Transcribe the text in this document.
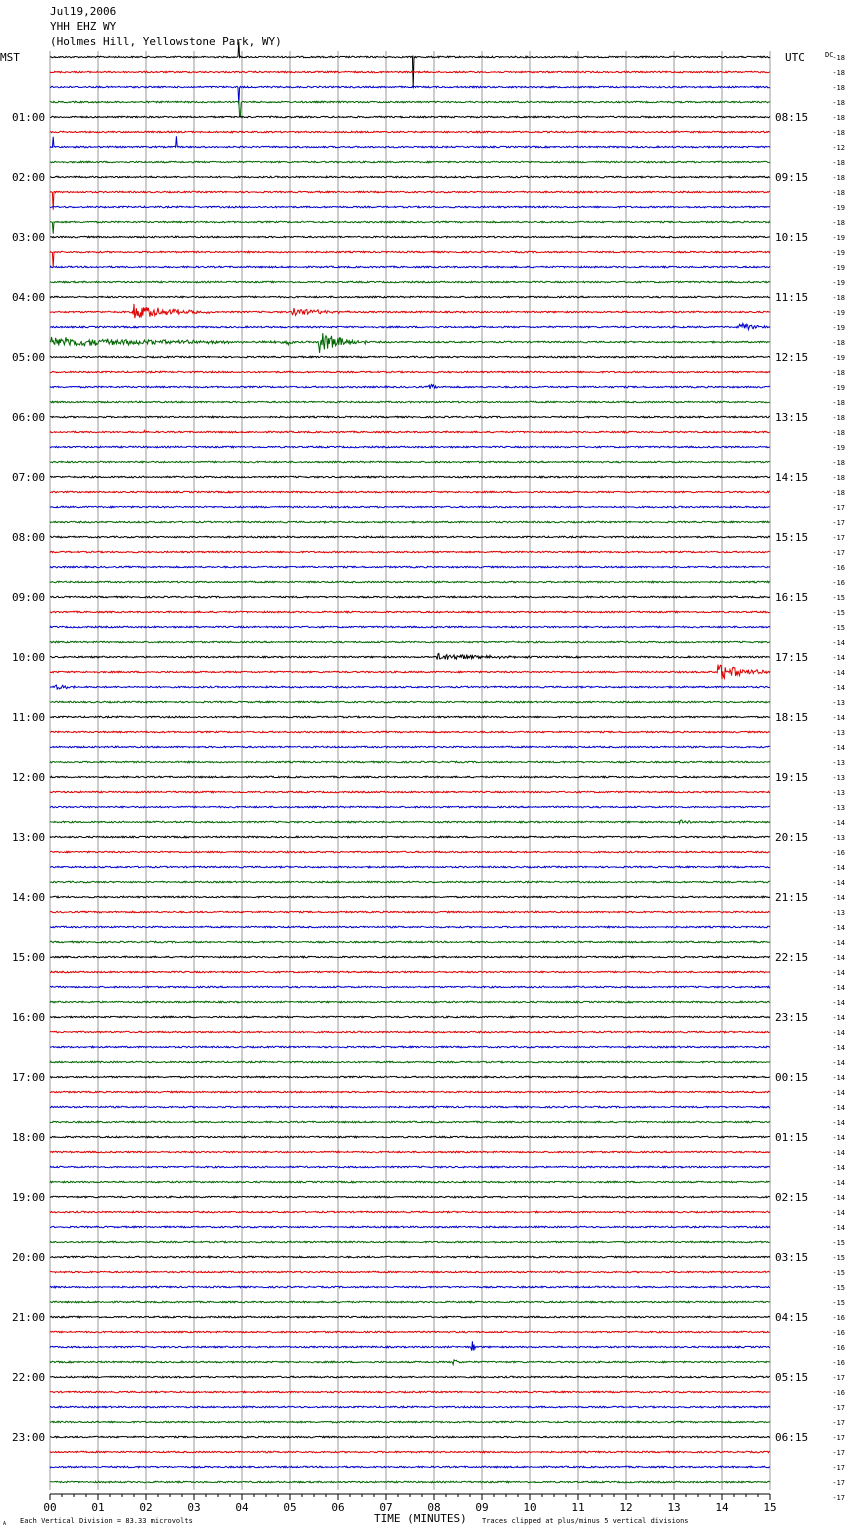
Jul19,2006
YHH EHZ WY
(Holmes Hill, Yellowstone Park, WY)
MST	UTC	DC
01:00
02:00
03:00
04:00
05:00
06:00
07:00
08:00
09:00
10:00
11:00
12:00
13:00
14:00
15:00
16:00
17:00
18:00
19:00
20:00
21:00
22:00
23:00
08:15
09:15
10:15
11:15
12:15
13:15
14:15
15:15
16:15
17:15
18:15
19:15
20:15
21:15
22:15
23:15
00:15
01:15
02:15
03:15
04:15
05:15
06:15
-18
-18
-18
-18
-18
-18
-12
-18
-18
-18
-19
-18
-19
-19
-19
-19
-18
-19
-19
-18
-19
-18
-19
-18
-18
-18
-19
-18
-18
-18
-17
-17
-17
-17
-16
-16
-15
-15
-15
-14
-14
-14
-14
-13
-14
-13
-14
-13
-13
-13
-13
-14
-13
-16
-14
-14
-14
-13
-14
-14
-14
-14
-14
-14
-14
-14
-14
-14
-14
-14
-14
-14
-14
-14
-14
-14
-14
-14
-14
-15
-15
-15
-15
-15
-16
-16
-16
-16
-17
-16
-17
-17
-17
-17
-17
-17
-17
00	01	02	03	04	05	06	07	08	09	10	11	12	13	14	15
TIME (MINUTES)
A Each Vertical Division = 83.33 microvolts	Traces clipped at plus/minus 5 vertical divisions
